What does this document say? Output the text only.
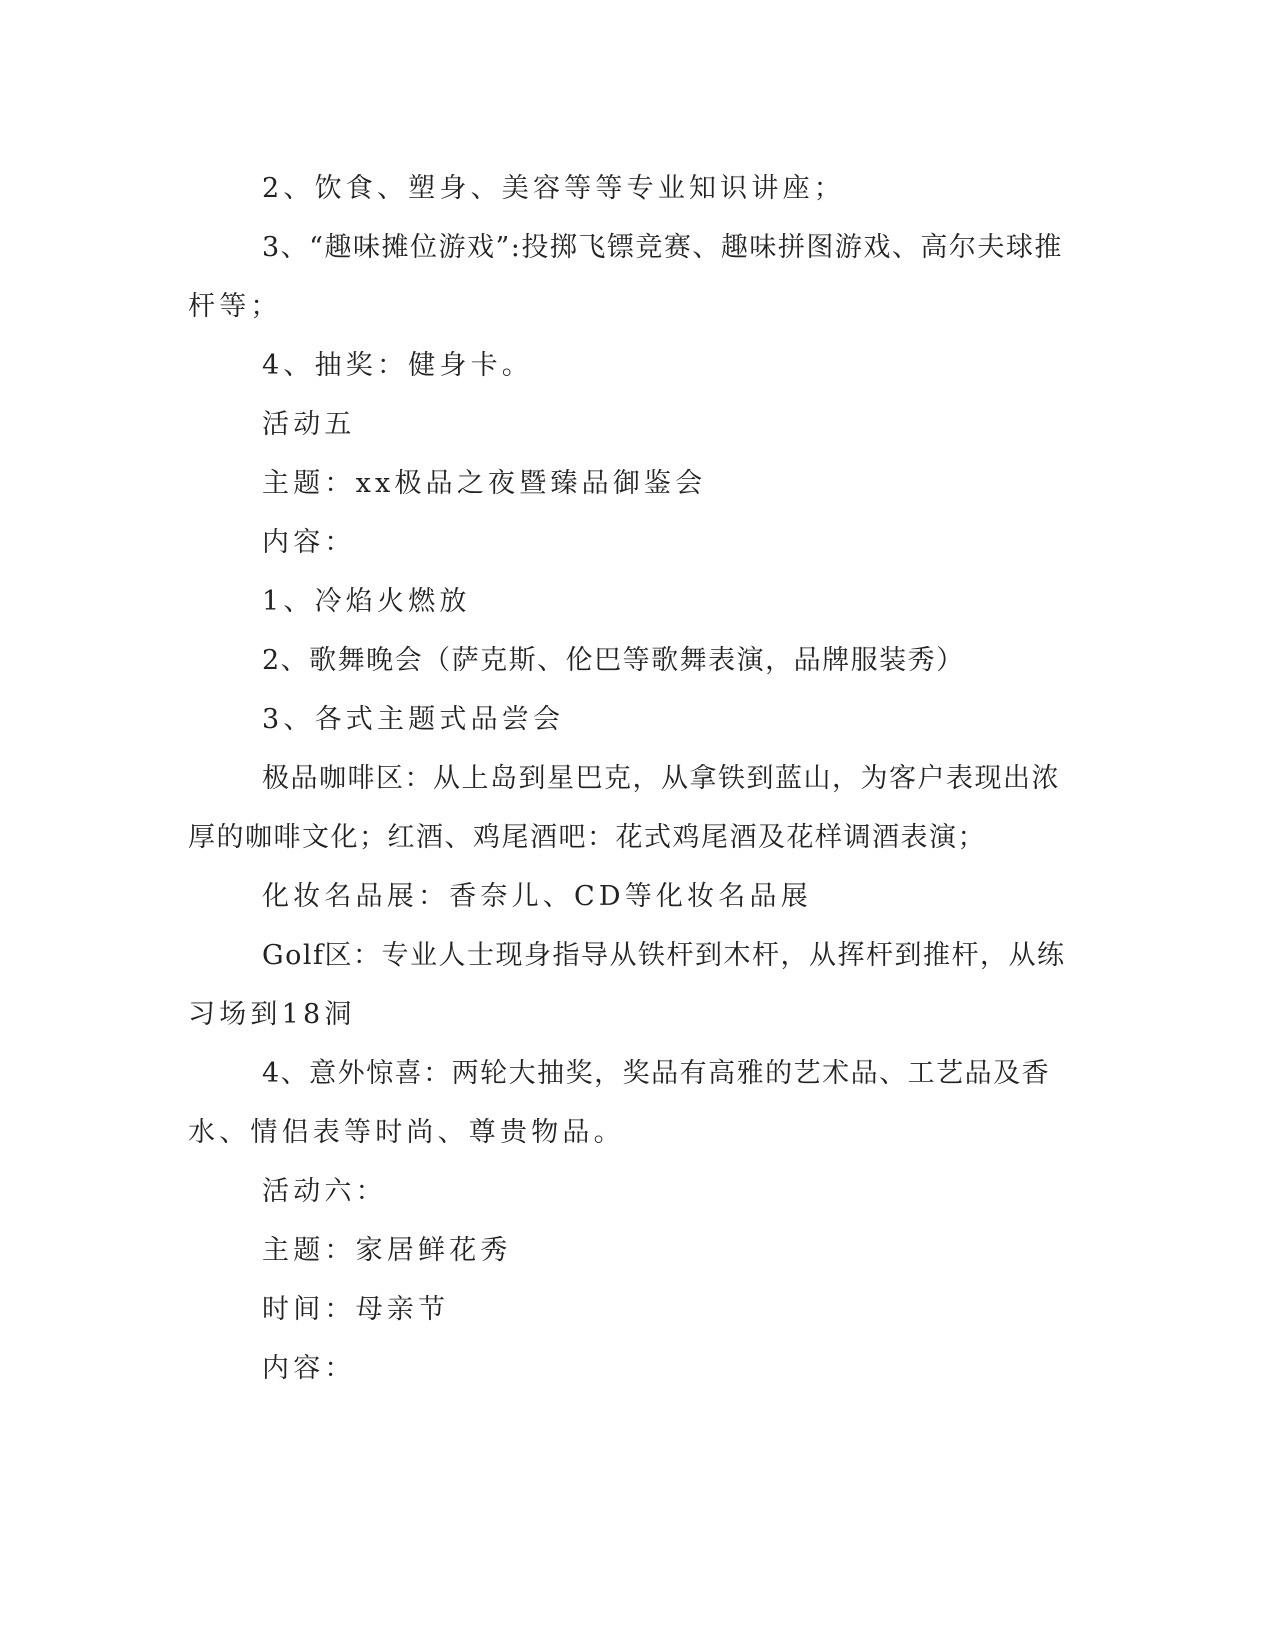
2、饮食、塑身、美容等等专业知识讲座；
3、“趣味摊位游戏”:投掷飞镖竞赛、趣味拼图游戏、高尔夫球推
杆等；
4、抽奖：健身卡。
活动五
主题：xx极品之夜暨臻品御鉴会
内容：
1、冷焰火燃放
2、歌舞晚会（萨克斯、伦巴等歌舞表演，品牌服装秀）
3、各式主题式品尝会
极品咖啡区：从上岛到星巴克，从拿铁到蓝山，为客户表现出浓
厚的咖啡文化；红酒、鸡尾酒吧：花式鸡尾酒及花样调酒表演；
化妆名品展：香奈儿、CD等化妆名品展
Golf区：专业人士现身指导从铁杆到木杆，从挥杆到推杆，从练
习场到18洞
4、意外惊喜：两轮大抽奖，奖品有高雅的艺术品、工艺品及香
水、情侣表等时尚、尊贵物品。
活动六：
主题：家居鲜花秀
时间：母亲节
内容：
